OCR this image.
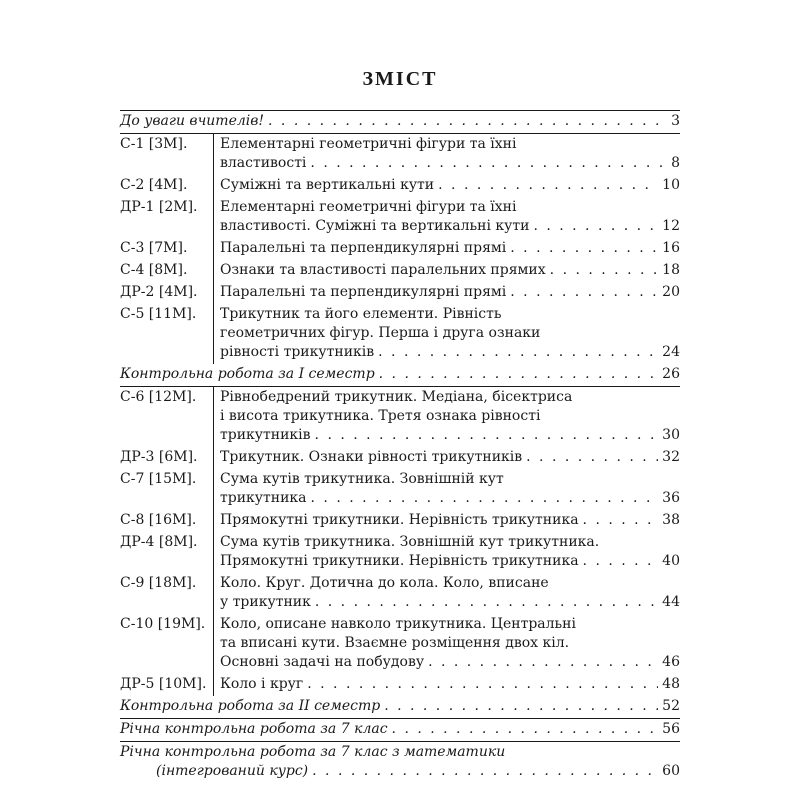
ЗМІСТ
До уваги вчителів! . . .	3
С-1 [3М].	Елементарні геометричні фігури та їхні
властивості . . .	8
С-2 [4М].	Суміжні та вертикальні кути . . .	10
ДР-1 [2М].	Елементарні геометричні фігури та їхні
властивості. Суміжні та вертикальні кути . . .	12
С-3 [7М].	Паралельні та перпендикулярні прямі . . .	16
С-4 [8М].	Ознаки та властивості паралельних прямих . . .	18
ДР-2 [4М].	Паралельні та перпендикулярні прямі . . .	20
С-5 [11М].	Трикутник та його елементи. Рівність
геометричних фігур. Перша і друга ознаки
рівності трикутників . . .	24
Контрольна робота за I семестр . . .	26
С-6 [12М].	Рівнобедрений трикутник. Медіана, бісектриса
і висота трикутника. Третя ознака рівності
трикутників . . .	30
ДР-3 [6М].	Трикутник. Ознаки рівності трикутників . . .	32
С-7 [15М].	Сума кутів трикутника. Зовнішній кут
трикутника . . .	36
С-8 [16М].	Прямокутні трикутники. Нерівність трикутника . . .	38
ДР-4 [8М].	Сума кутів трикутника. Зовнішній кут трикутника.
Прямокутні трикутники. Нерівність трикутника . . .	40
С-9 [18М].	Коло. Круг. Дотична до кола. Коло, вписане
у трикутник . . .	44
С-10 [19М].	Коло, описане навколо трикутника. Центральні
та вписані кути. Взаємне розміщення двох кіл.
Основні задачі на побудову . . .	46
ДР-5 [10М]. Коло і круг . . .	48
Контрольна робота за II семестр . . .	52
Річна контрольна робота за 7 клас . . .	56
Річна контрольна робота за 7 клас з математики
(інтегрований курс) . . .	60
